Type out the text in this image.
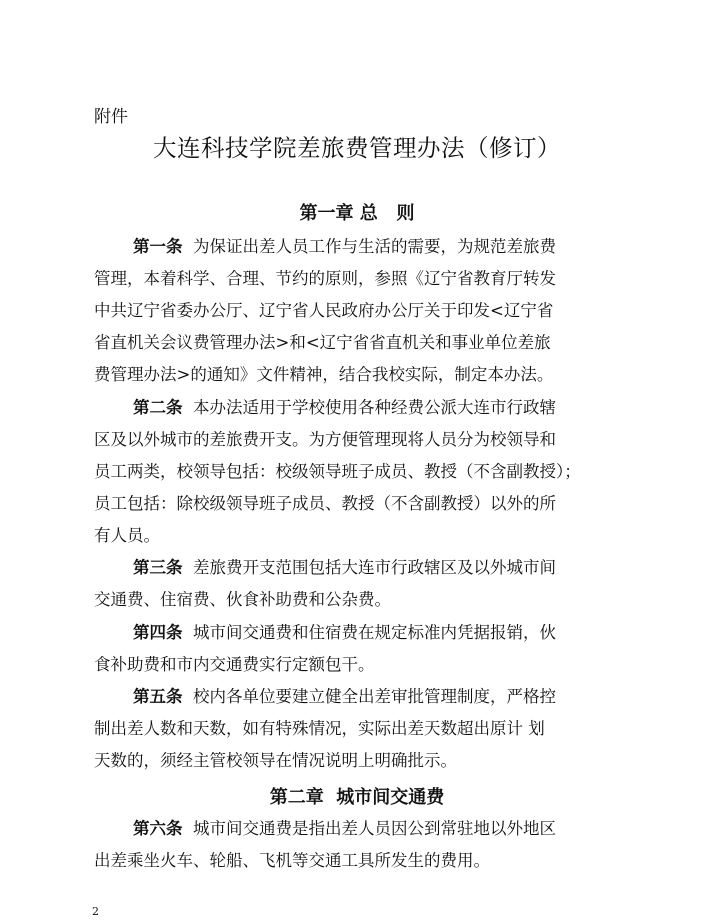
附件
大连科技学院差旅费管理办法（修订）
第一章 总   则
第一条 为保证出差人员工作与生活的需要，为规范差旅费
管理，本着科学、合理、节约的原则，参照《辽宁省教育厅转发
中共辽宁省委办公厅、辽宁省人民政府办公厅关于印发<辽宁省
省直机关会议费管理办法>和<辽宁省省直机关和事业单位差旅
费管理办法>的通知》文件精神，结合我校实际，制定本办法。
第二条 本办法适用于学校使用各种经费公派大连市行政辖
区及以外城市的差旅费开支。为方便管理现将人员分为校领导和
员工两类，校领导包括：校级领导班子成员、教授（不含副教授）；
员工包括：除校级领导班子成员、教授（不含副教授）以外的所
有人员。
第三条 差旅费开支范围包括大连市行政辖区及以外城市间
交通费、住宿费、伙食补助费和公杂费。
第四条 城市间交通费和住宿费在规定标准内凭据报销，伙
食补助费和市内交通费实行定额包干。
第五条 校内各单位要建立健全出差审批管理制度，严格控
制出差人数和天数，如有特殊情况，实际出差天数超出原计 划
天数的，须经主管校领导在情况说明上明确批示。
第二章  城市间交通费
第六条 城市间交通费是指出差人员因公到常驻地以外地区
出差乘坐火车、轮船、飞机等交通工具所发生的费用。
2
